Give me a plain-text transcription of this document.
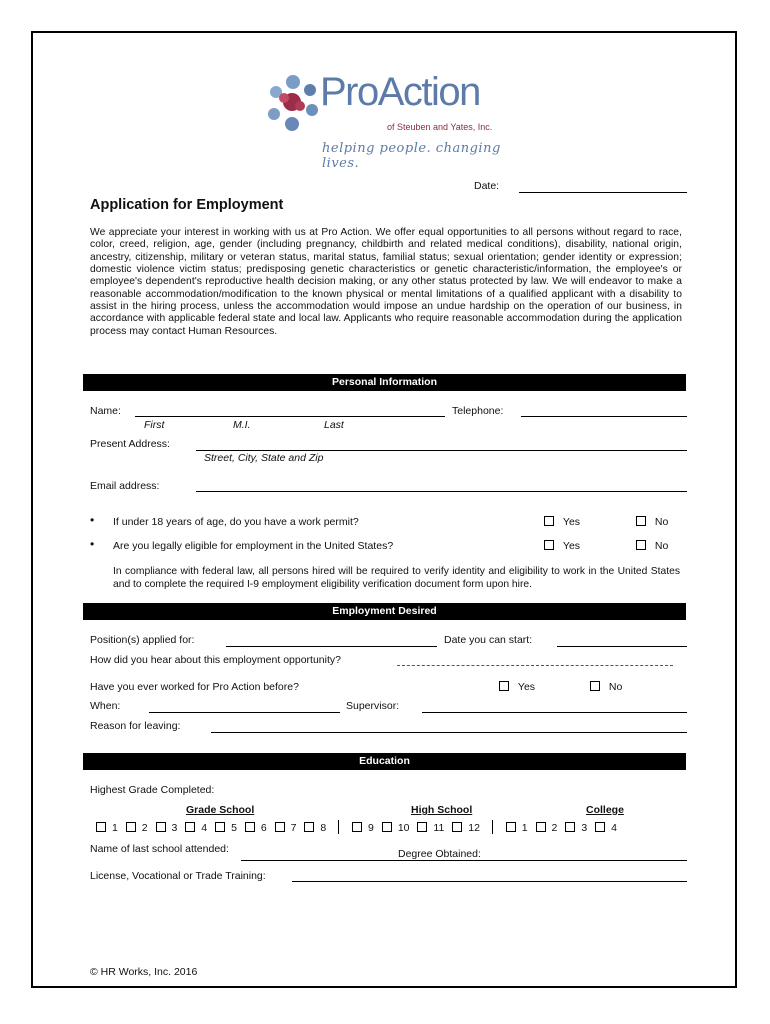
ProAction
of Steuben and Yates, Inc.
helping people. changing lives.
Date:
Application for Employment
We appreciate your interest in working with us at Pro Action. We offer equal opportunities to all persons without regard to race, color, creed, religion, age, gender (including pregnancy, childbirth and related medical conditions), disability, national origin, ancestry, citizenship, military or veteran status, marital status, familial status; sexual orientation; gender identity or expression; domestic violence victim status; predisposing genetic characteristics or genetic characteristic/information, the employee's or employee's dependent's reproductive health decision making, or any other status protected by law. We will endeavor to make a reasonable accommodation/modification to the known physical or mental limitations of a qualified applicant with a disability to assist in the hiring process, unless the accommodation would impose an undue hardship on the operation of our business, in accordance with applicable federal state and local law. Applicants who require reasonable accommodation during the application process may contact Human Resources.
Personal Information
Name:
First	M.I.	Last
Telephone:
Present Address:
Street, City, State and Zip
Email address:
• If under 18 years of age, do you have a work permit?	Yes	No
• Are you legally eligible for employment in the United States?	Yes	No
In compliance with federal law, all persons hired will be required to verify identity and eligibility to work in the United States and to complete the required I-9 employment eligibility verification document form upon hire.
Employment Desired
Position(s) applied for:	Date you can start:
How did you hear about this employment opportunity?
Have you ever worked for Pro Action before?	Yes	No
When:	Supervisor:
Reason for leaving:
Education
Highest Grade Completed:
Grade School	High School	College
1 2 3 4 5 6 7 8	9 10 11 12	1 2 3 4
Name of last school attended:	Degree Obtained:
License, Vocational or Trade Training:
© HR Works, Inc. 2016
